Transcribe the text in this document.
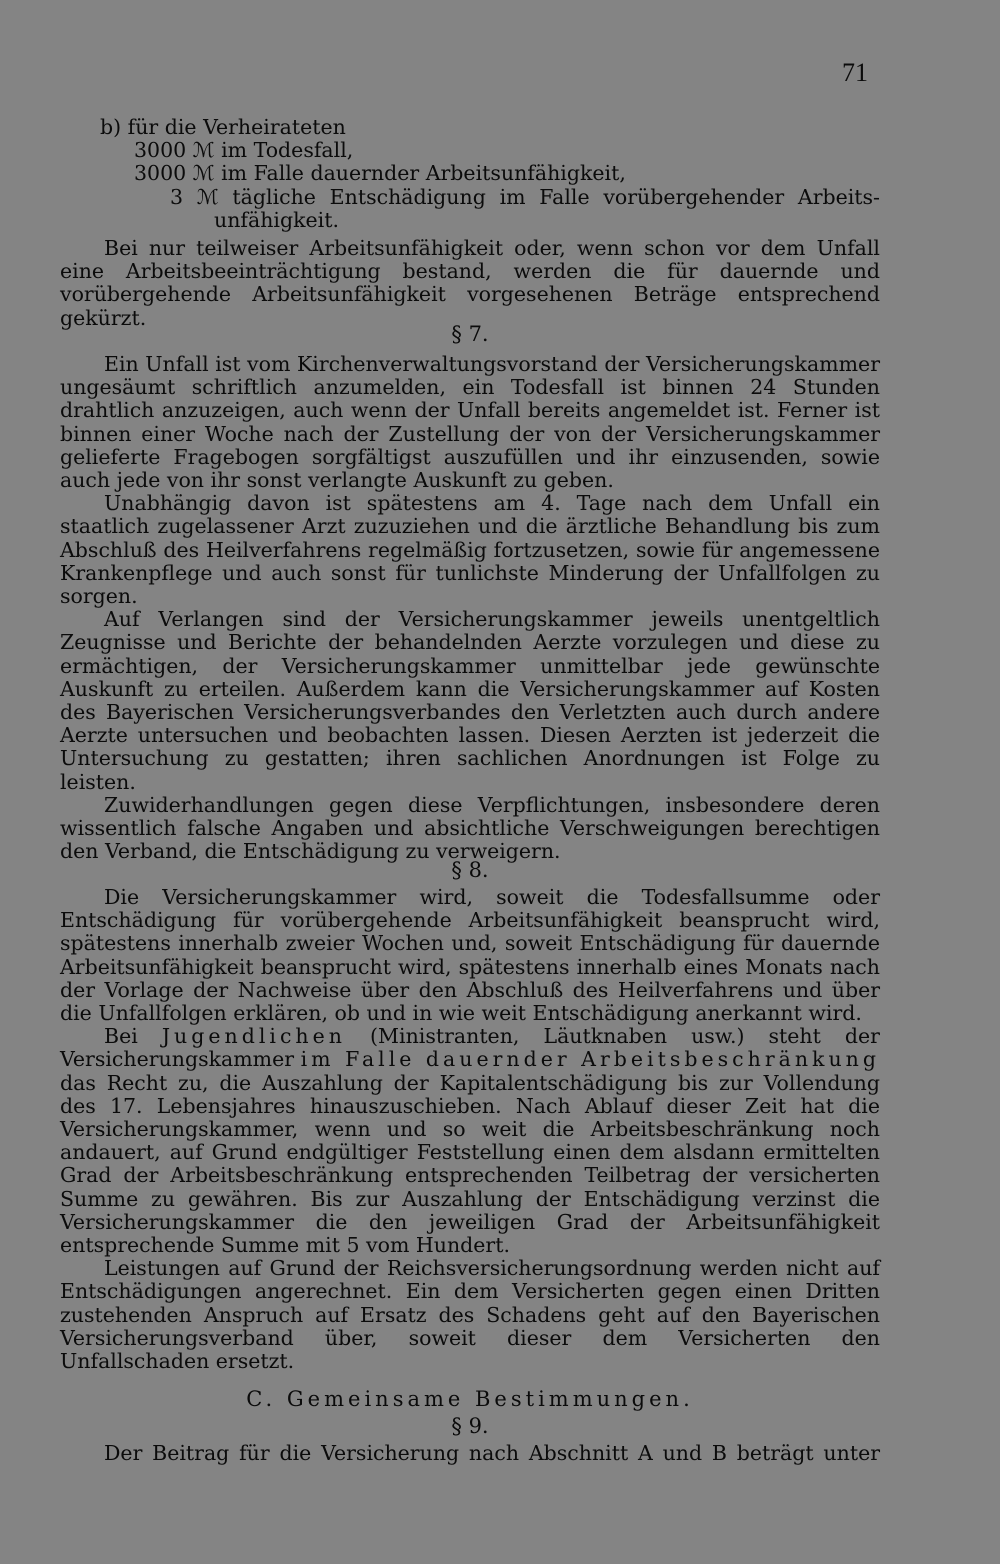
71
b) für die Verheirateten
3000 ℳ im Todesfall,
3000 ℳ im Falle dauernder Arbeitsunfähigkeit,
3 ℳ tägliche Entschädigung im Falle vorübergehender Arbeits-
unfähigkeit.

Bei nur teilweiser Arbeitsunfähigkeit oder, wenn schon vor dem Unfall eine Arbeitsbeeinträchtigung bestand, werden die für dauernde und vorübergehende Arbeitsunfähigkeit vorgesehenen Beträge entsprechend gekürzt.

§ 7.

Ein Unfall ist vom Kirchenverwaltungsvorstand der Versicherungskammer ungesäumt schriftlich anzumelden, ein Todesfall ist binnen 24 Stunden drahtlich anzuzeigen, auch wenn der Unfall bereits angemeldet ist. Ferner ist binnen einer Woche nach der Zustellung der von der Versicherungskammer gelieferte Fragebogen sorgfältigst auszufüllen und ihr einzusenden, sowie auch jede von ihr sonst verlangte Auskunft zu geben.

Unabhängig davon ist spätestens am 4. Tage nach dem Unfall ein staatlich zugelassener Arzt zuzuziehen und die ärztliche Behandlung bis zum Abschluß des Heilverfahrens regelmäßig fortzusetzen, sowie für angemessene Krankenpflege und auch sonst für tunlichste Minderung der Unfallfolgen zu sorgen.

Auf Verlangen sind der Versicherungskammer jeweils unentgeltlich Zeugnisse und Berichte der behandelnden Aerzte vorzulegen und diese zu ermächtigen, der Versicherungskammer unmittelbar jede gewünschte Auskunft zu erteilen. Außerdem kann die Versicherungskammer auf Kosten des Bayerischen Versicherungsverbandes den Verletzten auch durch andere Aerzte untersuchen und beobachten lassen. Diesen Aerzten ist jederzeit die Untersuchung zu gestatten; ihren sachlichen Anordnungen ist Folge zu leisten.

Zuwiderhandlungen gegen diese Verpflichtungen, insbesondere deren wissentlich falsche Angaben und absichtliche Verschweigungen berechtigen den Verband, die Entschädigung zu verweigern.

§ 8.

Die Versicherungskammer wird, soweit die Todesfallsumme oder Entschädigung für vorübergehende Arbeitsunfähigkeit beansprucht wird, spätestens innerhalb zweier Wochen und, soweit Entschädigung für dauernde Arbeitsunfähigkeit beansprucht wird, spätestens innerhalb eines Monats nach der Vorlage der Nachweise über den Abschluß des Heilverfahrens und über die Unfallfolgen erklären, ob und in wie weit Entschädigung anerkannt wird.

Bei Jugendlichen (Ministranten, Läutknaben usw.) steht der Versicherungskammer im Falle dauernder Arbeitsbeschränkung das Recht zu, die Auszahlung der Kapitalentschädigung bis zur Vollendung des 17. Lebensjahres hinauszuschieben. Nach Ablauf dieser Zeit hat die Versicherungskammer, wenn und so weit die Arbeitsbeschränkung noch andauert, auf Grund endgültiger Feststellung einen dem alsdann ermittelten Grad der Arbeitsbeschränkung entsprechenden Teilbetrag der versicherten Summe zu gewähren. Bis zur Auszahlung der Entschädigung verzinst die Versicherungskammer die den jeweiligen Grad der Arbeitsunfähigkeit entsprechende Summe mit 5 vom Hundert.

Leistungen auf Grund der Reichsversicherungsordnung werden nicht auf Entschädigungen angerechnet. Ein dem Versicherten gegen einen Dritten zustehenden Anspruch auf Ersatz des Schadens geht auf den Bayerischen Versicherungsverband über, soweit dieser dem Versicherten den Unfallschaden ersetzt.

C. Gemeinsame Bestimmungen.
§ 9.

Der Beitrag für die Versicherung nach Abschnitt A und B beträgt unter
